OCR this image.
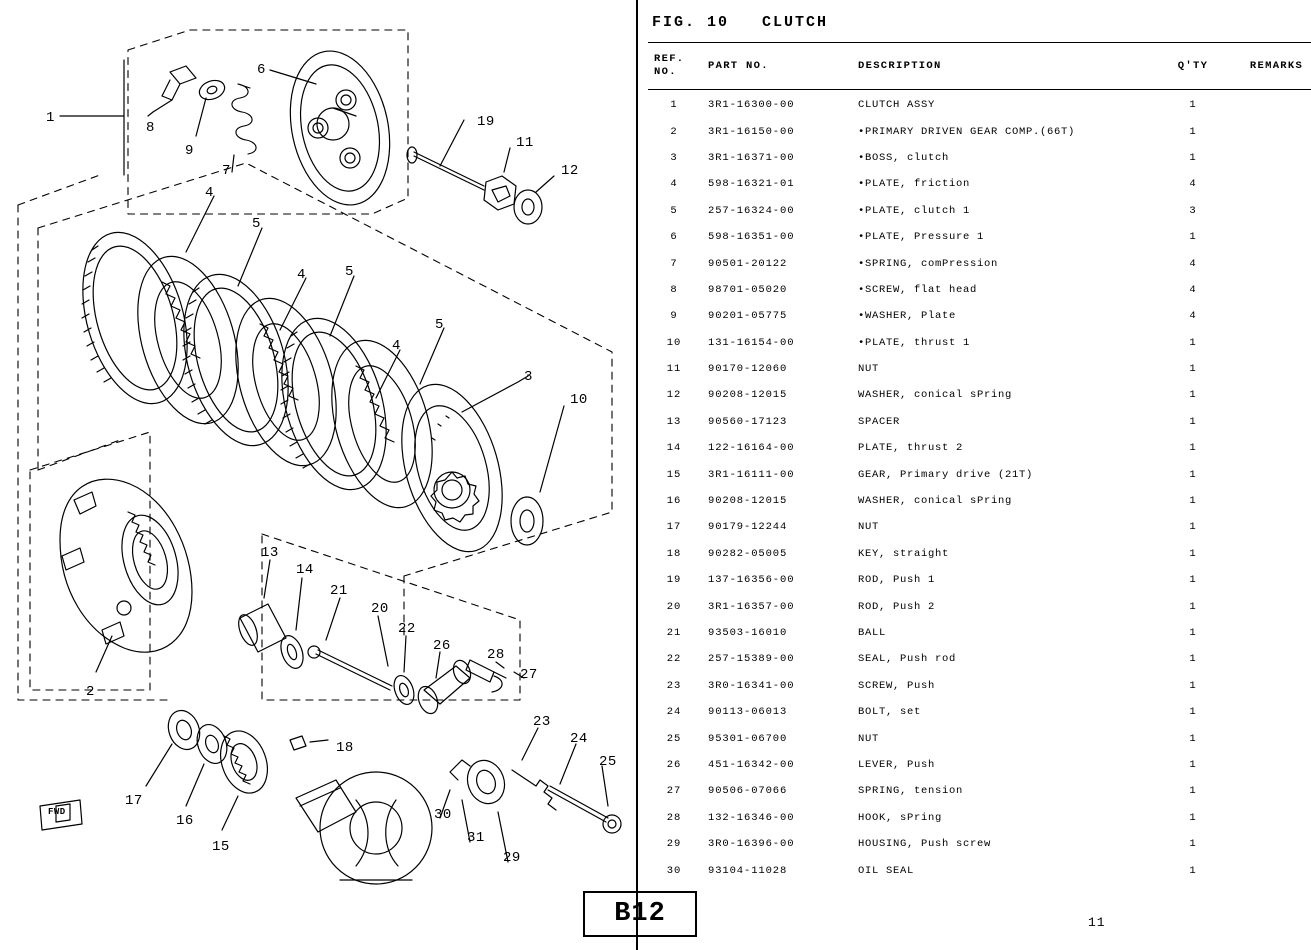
1
2
3
4
4
4
5
5
5
6
7
8
9
10
11
12
13
14
15
16
17
18
19
20
21
22
23
24
25
26
27
28
29
30
31
FWD
FIG. 10   CLUTCH
REF.
NO.	PART NO.	DESCRIPTION	Q'TY	REMARKS
1	3R1-16300-00	CLUTCH ASSY	1	
2	3R1-16150-00	•PRIMARY DRIVEN GEAR COMP.(66T)	1	
3	3R1-16371-00	•BOSS, clutch	1	
4	598-16321-01	•PLATE, friction	4	
5	257-16324-00	•PLATE, clutch 1	3	
6	598-16351-00	•PLATE, Pressure 1	1	
7	90501-20122	•SPRING, comPression	4	
8	98701-05020	•SCREW, flat head	4	
9	90201-05775	•WASHER, Plate	4	
10	131-16154-00	•PLATE, thrust 1	1	
11	90170-12060	NUT	1	
12	90208-12015	WASHER, conical sPring	1	
13	90560-17123	SPACER	1	
14	122-16164-00	PLATE, thrust 2	1	
15	3R1-16111-00	GEAR, Primary drive (21T)	1	
16	90208-12015	WASHER, conical sPring	1	
17	90179-12244	NUT	1	
18	90282-05005	KEY, straight	1	
19	137-16356-00	ROD, Push 1	1	
20	3R1-16357-00	ROD, Push 2	1	
21	93503-16010	BALL	1	
22	257-15389-00	SEAL, Push rod	1	
23	3R0-16341-00	SCREW, Push	1	
24	90113-06013	BOLT, set	1	
25	95301-06700	NUT	1	
26	451-16342-00	LEVER, Push	1	
27	90506-07066	SPRING, tension	1	
28	132-16346-00	HOOK, sPring	1	
29	3R0-16396-00	HOUSING, Push screw	1	
30	93104-11028	OIL SEAL	1	
B12	11
